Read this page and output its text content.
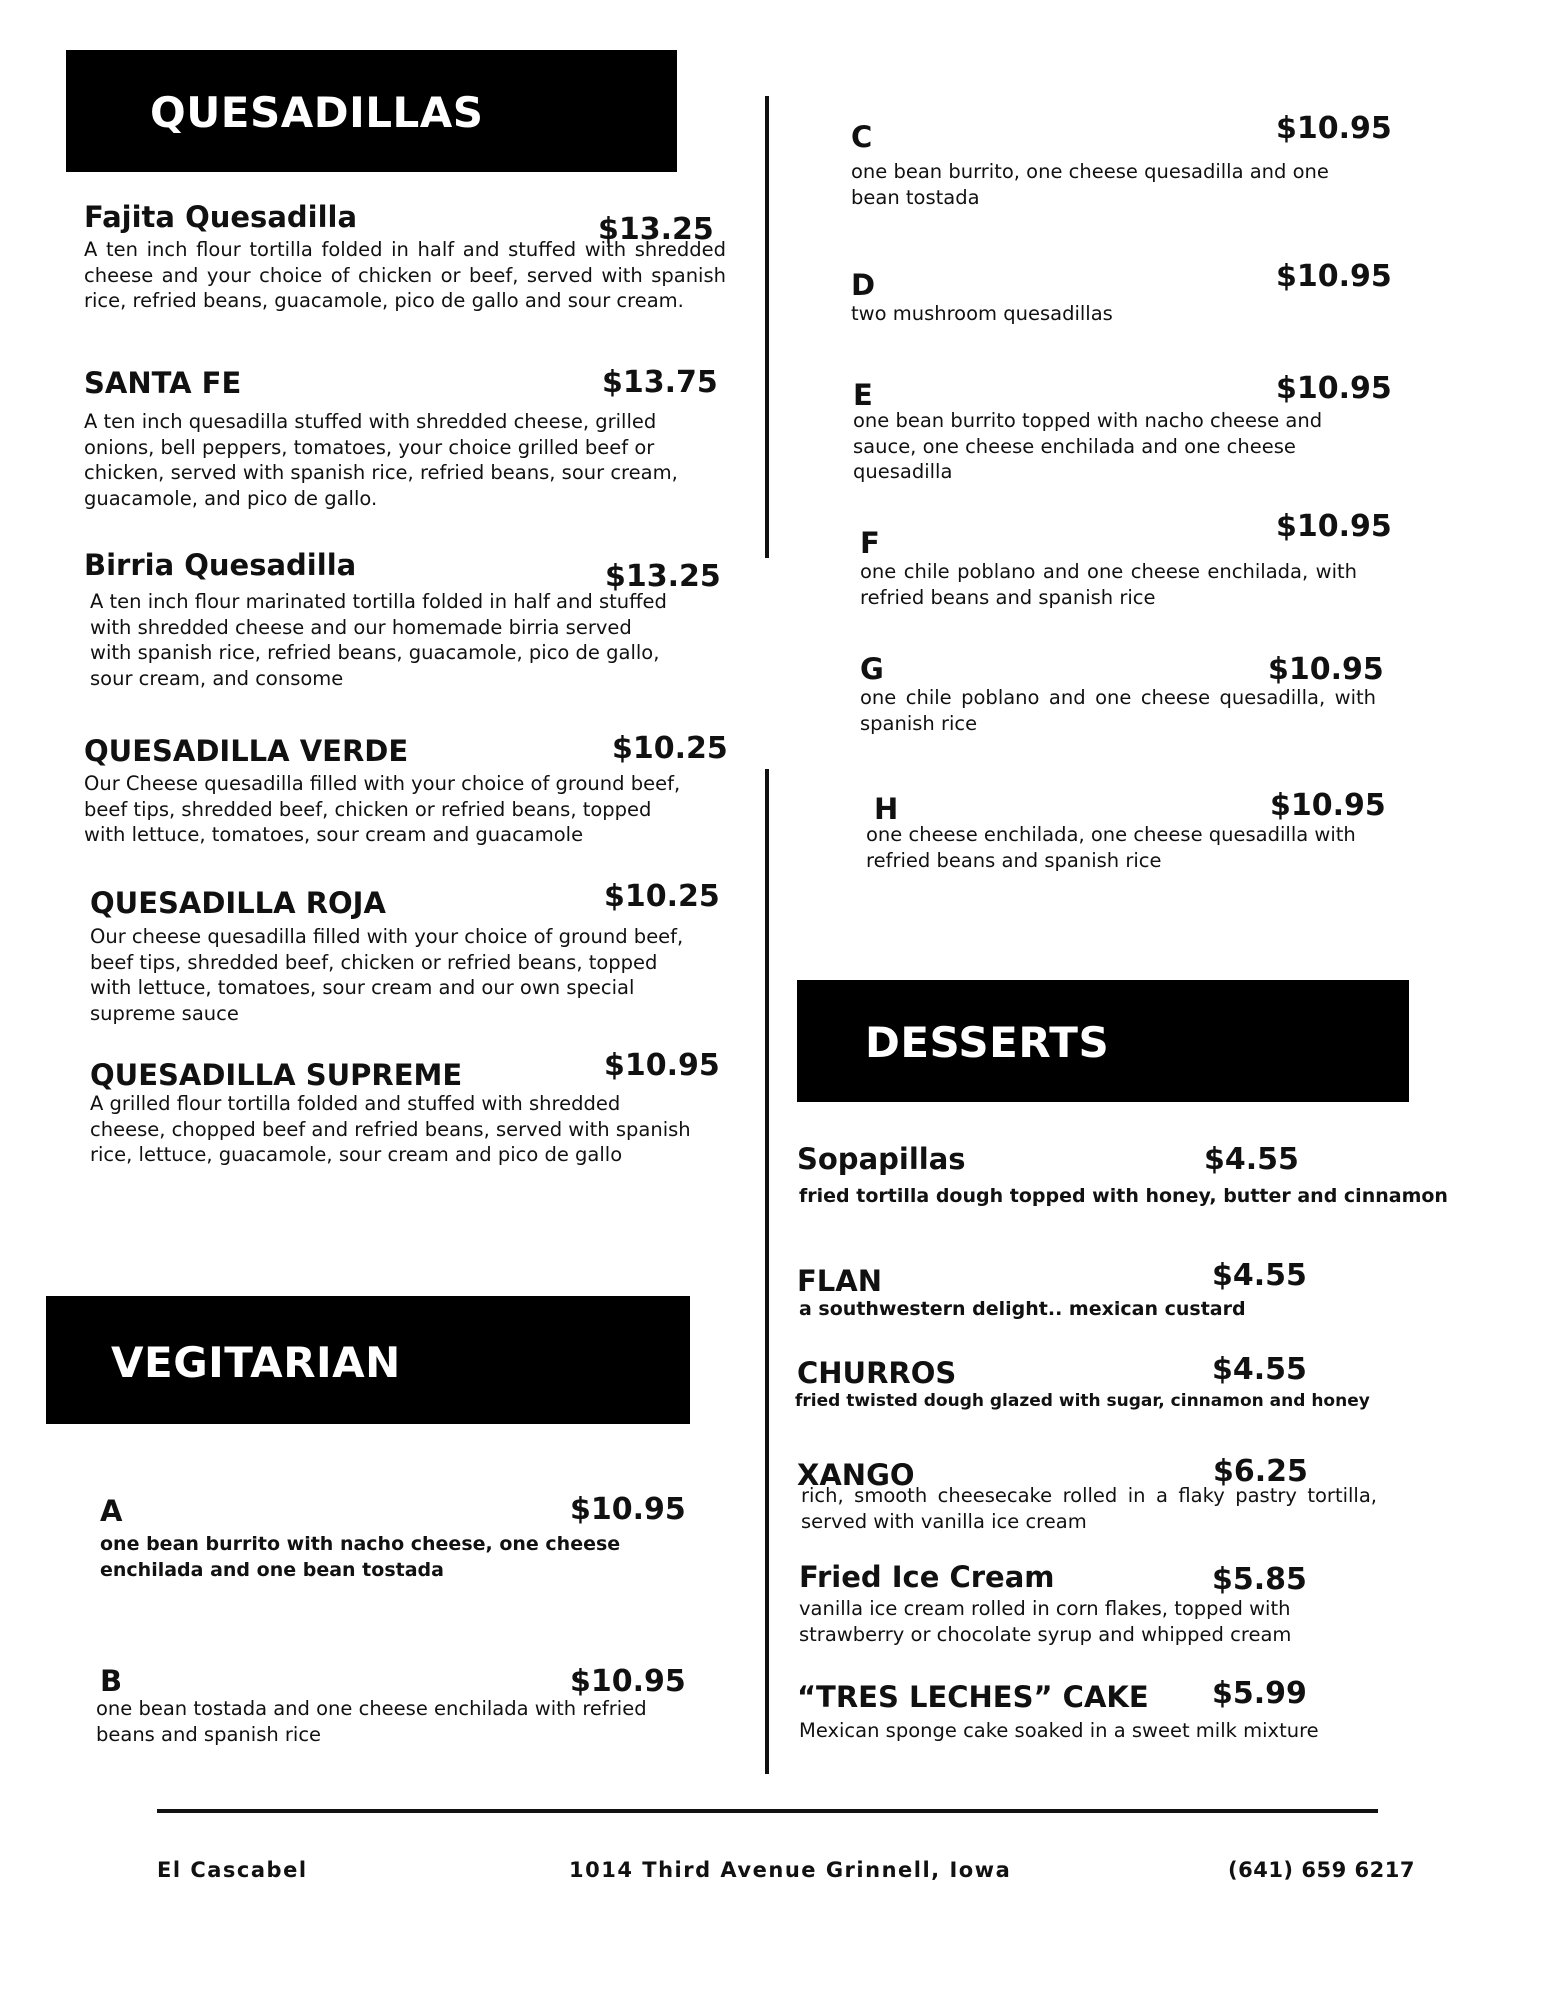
QUESADILLAS
Fajita Quesadilla	$13.25
A ten inch flour tortilla folded in half and stuffed with shredded cheese and your choice of chicken or beef, served with spanish rice, refried beans, guacamole, pico de gallo and sour cream.
SANTA FE	$13.75
A ten inch quesadilla stuffed with shredded cheese, grilled onions, bell peppers, tomatoes, your choice grilled beef or chicken, served with spanish rice, refried beans, sour cream, guacamole, and pico de gallo.
Birria Quesadilla	$13.25
A ten inch flour marinated tortilla folded in half and stuffed with shredded cheese and our homemade birria served with spanish rice, refried beans, guacamole, pico de gallo, sour cream, and consome
QUESADILLA VERDE	$10.25
Our Cheese quesadilla filled with your choice of ground beef, beef tips, shredded beef, chicken or refried beans, topped with lettuce, tomatoes, sour cream and guacamole
QUESADILLA ROJA	$10.25
Our cheese quesadilla filled with your choice of ground beef, beef tips, shredded beef, chicken or refried beans, topped with lettuce, tomatoes, sour cream and our own special supreme sauce
QUESADILLA SUPREME	$10.95
A grilled flour tortilla folded and stuffed with shredded cheese, chopped beef and refried beans, served with spanish rice, lettuce, guacamole, sour cream and pico de gallo
VEGITARIAN
A	$10.95
one bean burrito with nacho cheese, one cheese enchilada and one bean tostada
B	$10.95
one bean tostada and one cheese enchilada with refried beans and spanish rice
C	$10.95
one bean burrito, one cheese quesadilla and one bean tostada
D	$10.95
two mushroom quesadillas
E	$10.95
one bean burrito topped with nacho cheese and sauce, one cheese enchilada and one cheese quesadilla
F	$10.95
one chile poblano and one cheese enchilada, with refried beans and spanish rice
G	$10.95
one chile poblano and one cheese quesadilla, with spanish rice
H	$10.95
one cheese enchilada, one cheese quesadilla with refried beans and spanish rice
DESSERTS
Sopapillas	$4.55
fried tortilla dough topped with honey, butter and cinnamon
FLAN	$4.55
a southwestern delight.. mexican custard
CHURROS	$4.55
fried twisted dough glazed with sugar, cinnamon and honey
XANGO	$6.25
rich, smooth cheesecake rolled in a flaky pastry tortilla, served with vanilla ice cream
Fried Ice Cream	$5.85
vanilla ice cream rolled in corn flakes, topped with strawberry or chocolate syrup and whipped cream
“TRES LECHES” CAKE $5.99
Mexican sponge cake soaked in a sweet milk mixture
El Cascabel	1014 Third Avenue Grinnell, Iowa	(641) 659 6217
